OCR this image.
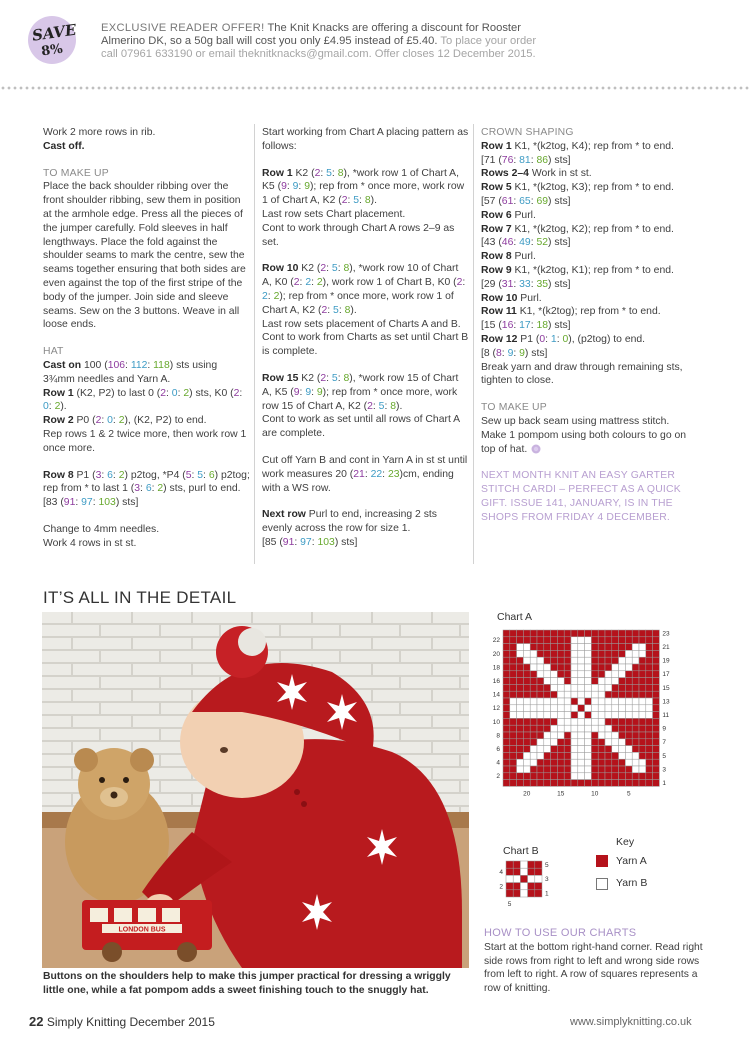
SAVE
8%
EXCLUSIVE READER OFFER! The Knit Knacks are offering a discount for Rooster Almerino DK, so a 50g ball will cost you only £4.95 instead of £5.40. To place your order call 07961 633190 or email theknitknacks@gmail.com. Offer closes 12 December 2015.

Work 2 more rows in rib.

Cast off.

TO MAKE UP

Place the back shoulder ribbing over the front shoulder ribbing, sew them in position at the armhole edge. Press all the pieces of the jumper carefully. Fold sleeves in half lengthways. Place the fold against the shoulder seams to mark the centre, sew the seams together ensuring that both sides are even against the top of the first stripe of the body of the jumper. Join side and sleeve seams. Sew on the 3 buttons. Weave in all loose ends.

HAT

Cast on 100 (106: 112: 118) sts using 3¾mm needles and Yarn A.

Row 1 (K2, P2) to last 0 (2: 0: 2) sts, K0 (2: 0: 2).

Row 2 P0 (2: 0: 2), (K2, P2) to end.

Rep rows 1 & 2 twice more, then work row 1 once more.

Row 8 P1 (3: 6: 2) p2tog, *P4 (5: 5: 6) p2tog; rep from * to last 1 (3: 6: 2) sts, purl to end. [83 (91: 97: 103) sts]

Change to 4mm needles.

Work 4 rows in st st.

Start working from Chart A placing pattern as follows:

Row 1 K2 (2: 5: 8), *work row 1 of Chart A, K5 (9: 9: 9); rep from * once more, work row 1 of Chart A, K2 (2: 5: 8).

Last row sets Chart placement.

Cont to work through Chart A rows 2–9 as set.

Row 10 K2 (2: 5: 8), *work row 10 of Chart A, K0 (2: 2: 2), work row 1 of Chart B, K0 (2: 2: 2); rep from * once more, work row 1 of Chart A, K2 (2: 5: 8).

Last row sets placement of Charts A and B. Cont to work from Charts as set until Chart B is complete.

Row 15 K2 (2: 5: 8), *work row 15 of Chart A, K5 (9: 9: 9); rep from * once more, work row 15 of Chart A, K2 (2: 5: 8).

Cont to work as set until all rows of Chart A are complete.

Cut off Yarn B and cont in Yarn A in st st until work measures 20 (21: 22: 23)cm, ending with a WS row.

Next row Purl to end, increasing 2 sts evenly across the row for size 1.
[85 (91: 97: 103) sts]

CROWN SHAPING

Row 1 K1, *(k2tog, K4); rep from * to end.
[71 (76: 81: 86) sts]

Rows 2–4 Work in st st.

Row 5 K1, *(k2tog, K3); rep from * to end.
[57 (61: 65: 69) sts]

Row 6 Purl.

Row 7 K1, *(k2tog, K2); rep from * to end.
[43 (46: 49: 52) sts]

Row 8 Purl.

Row 9 K1, *(k2tog, K1); rep from * to end.
[29 (31: 33: 35) sts]

Row 10 Purl.

Row 11 K1, *(k2tog); rep from * to end.
[15 (16: 17: 18) sts]

Row 12 P1 (0: 1: 0), (p2tog) to end.
[8 (8: 9: 9) sts]

Break yarn and draw through remaining sts, tighten to close.

TO MAKE UP

Sew up back seam using mattress stitch. Make 1 pompom using both colours to go on top of hat.

NEXT MONTH KNIT AN EASY GARTER STITCH CARDI – PERFECT AS A QUICK GIFT. ISSUE 141, JANUARY, IS IN THE SHOPS FROM FRIDAY 4 DECEMBER.

IT’S ALL IN THE DETAIL
LONDON BUS
Buttons on the shoulders help to make this jumper practical for dressing a wriggly little one, while a fat pompom adds a sweet finishing touch to the snuggly hat.
Chart A
23
21
19
17
15
13
11
9
7
5
3
1
22
20
18
16
14
12
10
8
6
4
2
20	15	10	5
Chart B
5
3
1
4
2
5
Key
Yarn A
Yarn B
HOW TO USE OUR CHARTS
Start at the bottom right-hand corner. Read right side rows from right to left and wrong side rows from left to right. A row of squares represents a row of knitting.
22 Simply Knitting December 2015	www.simplyknitting.co.uk
